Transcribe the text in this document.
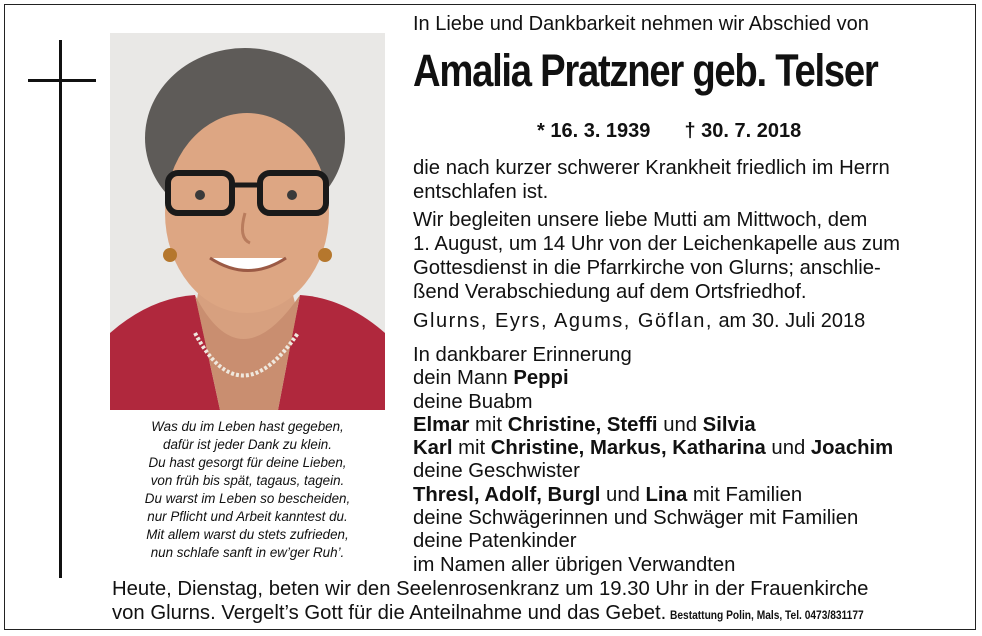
Was du im Leben hast gegeben,
dafür ist jeder Dank zu klein.
Du hast gesorgt für deine Lieben,
von früh bis spät, tagaus, tagein.
Du warst im Leben so bescheiden,
nur Pflicht und Arbeit kanntest du.
Mit allem warst du stets zufrieden,
nun schlafe sanft in ew’ger Ruh’.
In Liebe und Dankbarkeit nehmen wir Abschied von
Amalia Pratzner geb. Telser
* 16. 3. 1939 † 30. 7. 2018
die nach kurzer schwerer Krankheit friedlich im Herrn
entschlafen ist.
Wir begleiten unsere liebe Mutti am Mittwoch, dem
1. August, um 14 Uhr von der Leichenkapelle aus zum
Gottesdienst in die Pfarrkirche von Glurns; anschlie-
ßend Verabschiedung auf dem Ortsfriedhof.
Glurns, Eyrs, Agums, Göflan, am 30. Juli 2018
In dankbarer Erinnerung
dein Mann Peppi
deine Buabm
Elmar mit Christine, Steffi und Silvia
Karl mit Christine, Markus, Katharina und Joachim
deine Geschwister
Thresl, Adolf, Burgl und Lina mit Familien
deine Schwägerinnen und Schwäger mit Familien
deine Patenkinder
im Namen aller übrigen Verwandten
Heute, Dienstag, beten wir den Seelenrosenkranz um 19.30 Uhr in der Frauenkirche
von Glurns. Vergelt’s Gott für die Anteilnahme und das Gebet. Bestattung Polin, Mals, Tel. 0473/831177
